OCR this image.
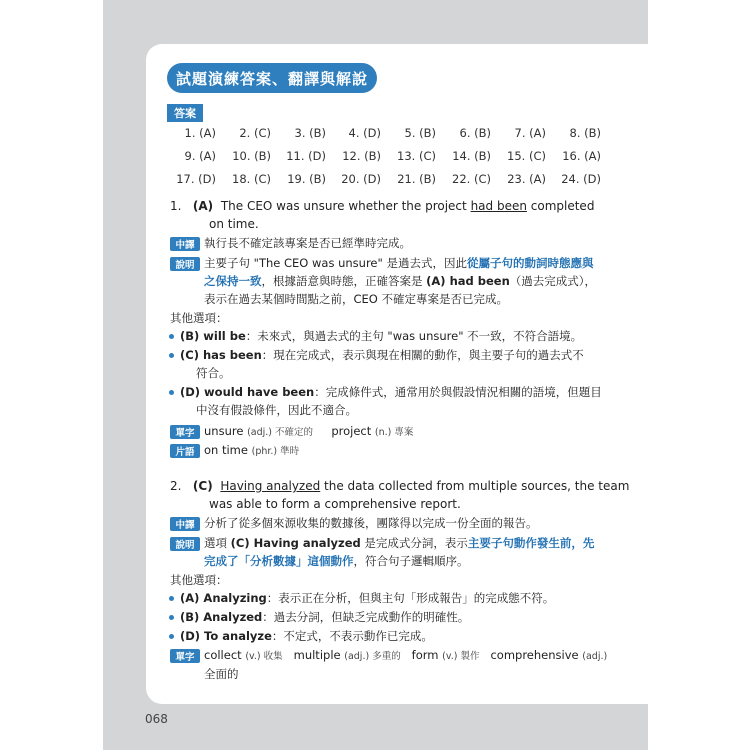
試題演練答案、翻譯與解說
答案
1. (A)	2. (C)	3. (B)	4. (D)	5. (B)	6. (B)	7. (A)	8. (B)
9. (A)	10. (B)	11. (D)	12. (B)	13. (C)	14. (B)	15. (C)	16. (A)
17. (D)	18. (C)	19. (B)	20. (D)	21. (B)	22. (C)	23. (A)	24. (D)
1. (A) The CEO was unsure whether the project had been completed
on time.
中譯 執行長不確定該專案是否已經準時完成。
說明 主要子句 "The CEO was unsure" 是過去式，因此從屬子句的動詞時態應與
之保持一致，根據語意與時態，正確答案是 (A) had been（過去完成式），
表示在過去某個時間點之前，CEO 不確定專案是否已完成。
其他選項：
(B) will be：未來式，與過去式的主句 "was unsure" 不一致，不符合語境。
(C) has been：現在完成式，表示與現在相關的動作，與主要子句的過去式不
符合。
(D) would have been：完成條件式，通常用於與假設情況相關的語境，但題目
中沒有假設條件，因此不適合。
單字 unsure (adj.) 不確定的 project (n.) 專案
片語 on time (phr.) 準時
2. (C) Having analyzed the data collected from multiple sources, the team
was able to form a comprehensive report.
中譯 分析了從多個來源收集的數據後，團隊得以完成一份全面的報告。
說明 選項 (C) Having analyzed 是完成式分詞，表示主要子句動作發生前，先
完成了「分析數據」這個動作，符合句子邏輯順序。
其他選項：
(A) Analyzing：表示正在分析，但與主句「形成報告」的完成態不符。
(B) Analyzed：過去分詞，但缺乏完成動作的明確性。
(D) To analyze：不定式，不表示動作已完成。
單字 collect (v.) 收集 multiple (adj.) 多重的 form (v.) 製作 comprehensive (adj.)
全面的
068
